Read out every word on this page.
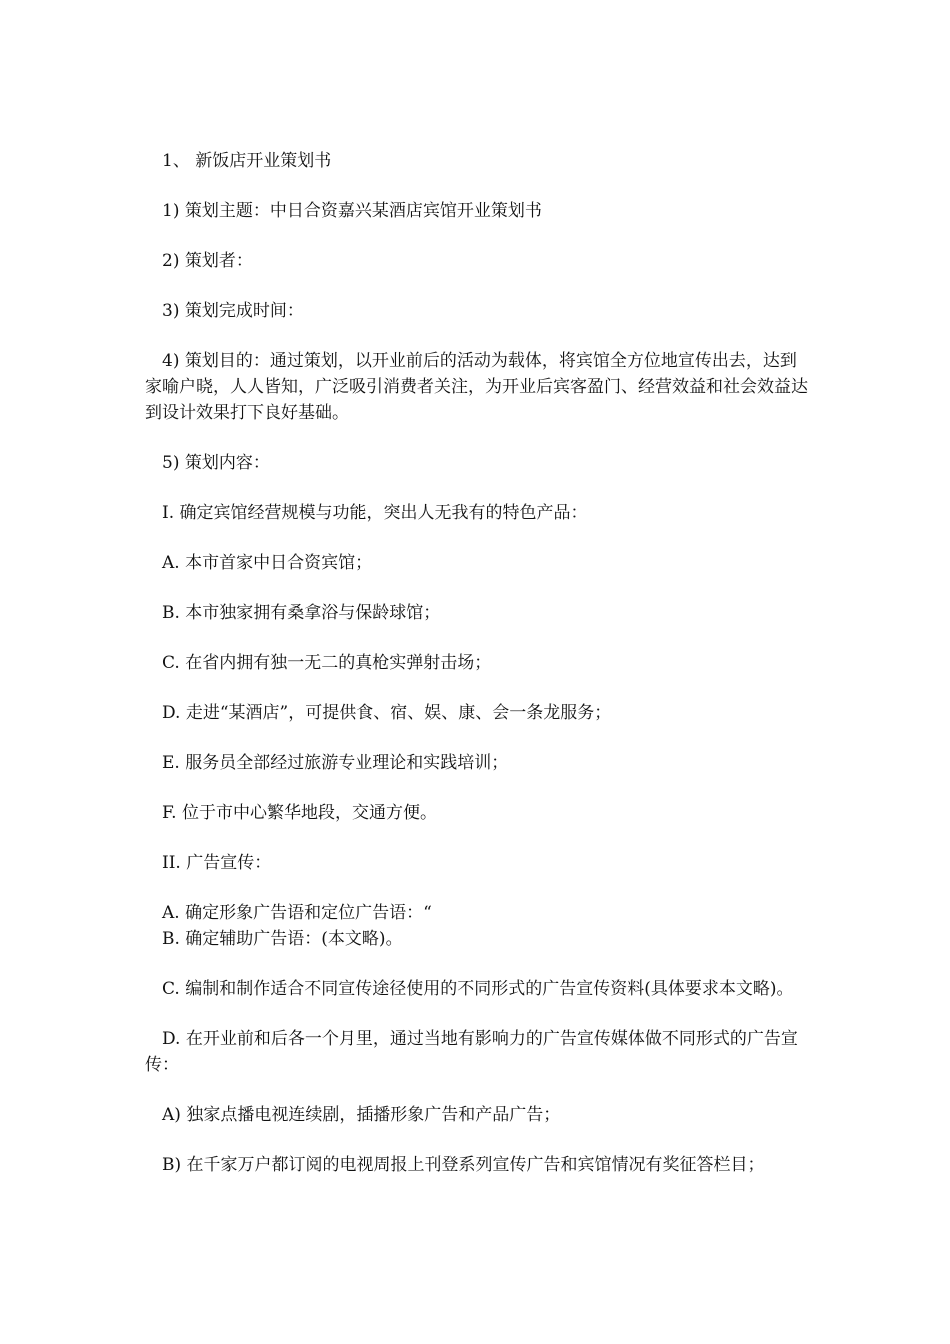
1、 新饭店开业策划书

1) 策划主题：中日合资嘉兴某酒店宾馆开业策划书

2) 策划者：

3) 策划完成时间：

4) 策划目的：通过策划，以开业前后的活动为载体，将宾馆全方位地宣传出去，达到家喻户晓，人人皆知，广泛吸引消费者关注，为开业后宾客盈门、经营效益和社会效益达到设计效果打下良好基础。

5) 策划内容：

I. 确定宾馆经营规模与功能，突出人无我有的特色产品：

A. 本市首家中日合资宾馆；

B. 本市独家拥有桑拿浴与保龄球馆；

C. 在省内拥有独一无二的真枪实弹射击场；

D. 走进“某酒店”，可提供食、宿、娱、康、会一条龙服务；

E. 服务员全部经过旅游专业理论和实践培训；

F. 位于市中心繁华地段，交通方便。

II. 广告宣传：

A. 确定形象广告语和定位广告语：“

B. 确定辅助广告语：(本文略)。

C. 编制和制作适合不同宣传途径使用的不同形式的广告宣传资料(具体要求本文略)。

D. 在开业前和后各一个月里，通过当地有影响力的广告宣传媒体做不同形式的广告宣传：

A) 独家点播电视连续剧，插播形象广告和产品广告；

B) 在千家万户都订阅的电视周报上刊登系列宣传广告和宾馆情况有奖征答栏目；
